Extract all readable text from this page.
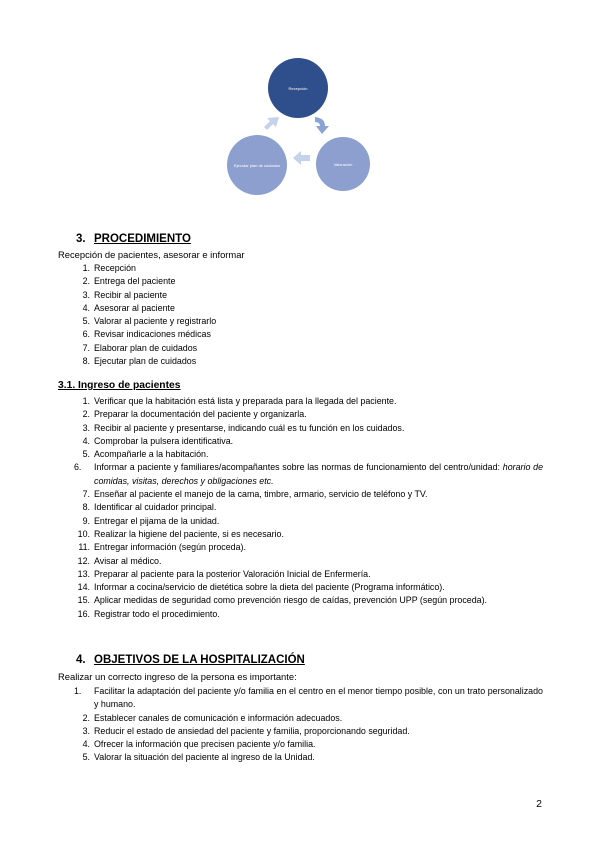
Recepción
Valoración
Ejecutar plan de cuidados
3. PROCEDIMIENTO
Recepción de pacientes, asesorar e informar
1. Recepción
2. Entrega del paciente
3. Recibir al paciente
4. Asesorar al paciente
5. Valorar al paciente y registrarlo
6. Revisar indicaciones médicas
7. Elaborar plan de cuidados
8. Ejecutar plan de cuidados
3.1. Ingreso de pacientes
1. Verificar que la habitación está lista y preparada para la llegada del paciente.
2. Preparar la documentación del paciente y organizarla.
3. Recibir al paciente y presentarse, indicando cuál es tu función en los cuidados.
4. Comprobar la pulsera identificativa.
5. Acompañarle a la habitación.
6.	Informar a paciente y familiares/acompañantes sobre las normas de funcionamiento del centro/unidad: horario de comidas, visitas, derechos y obligaciones etc.
7. Enseñar al paciente el manejo de la cama, timbre, armario, servicio de teléfono y TV.
8. Identificar al cuidador principal.
9. Entregar el pijama de la unidad.
10. Realizar la higiene del paciente, si es necesario.
11. Entregar información (según proceda).
12. Avisar al médico.
13. Preparar al paciente para la posterior Valoración Inicial de Enfermería.
14. Informar a cocina/servicio de dietética sobre la dieta del paciente (Programa informático).
15. Aplicar medidas de seguridad como prevención riesgo de caídas, prevención UPP (según proceda).
16. Registrar todo el procedimiento.
4. OBJETIVOS DE LA HOSPITALIZACIÓN
Realizar un correcto ingreso de la persona es importante:
1.	Facilitar la adaptación del paciente y/o familia en el centro en el menor tiempo posible, con un trato personalizado y humano.
2. Establecer canales de comunicación e información adecuados.
3. Reducir el estado de ansiedad del paciente y familia, proporcionando seguridad.
4. Ofrecer la información que precisen paciente y/o familia.
5. Valorar la situación del paciente al ingreso de la Unidad.
2
